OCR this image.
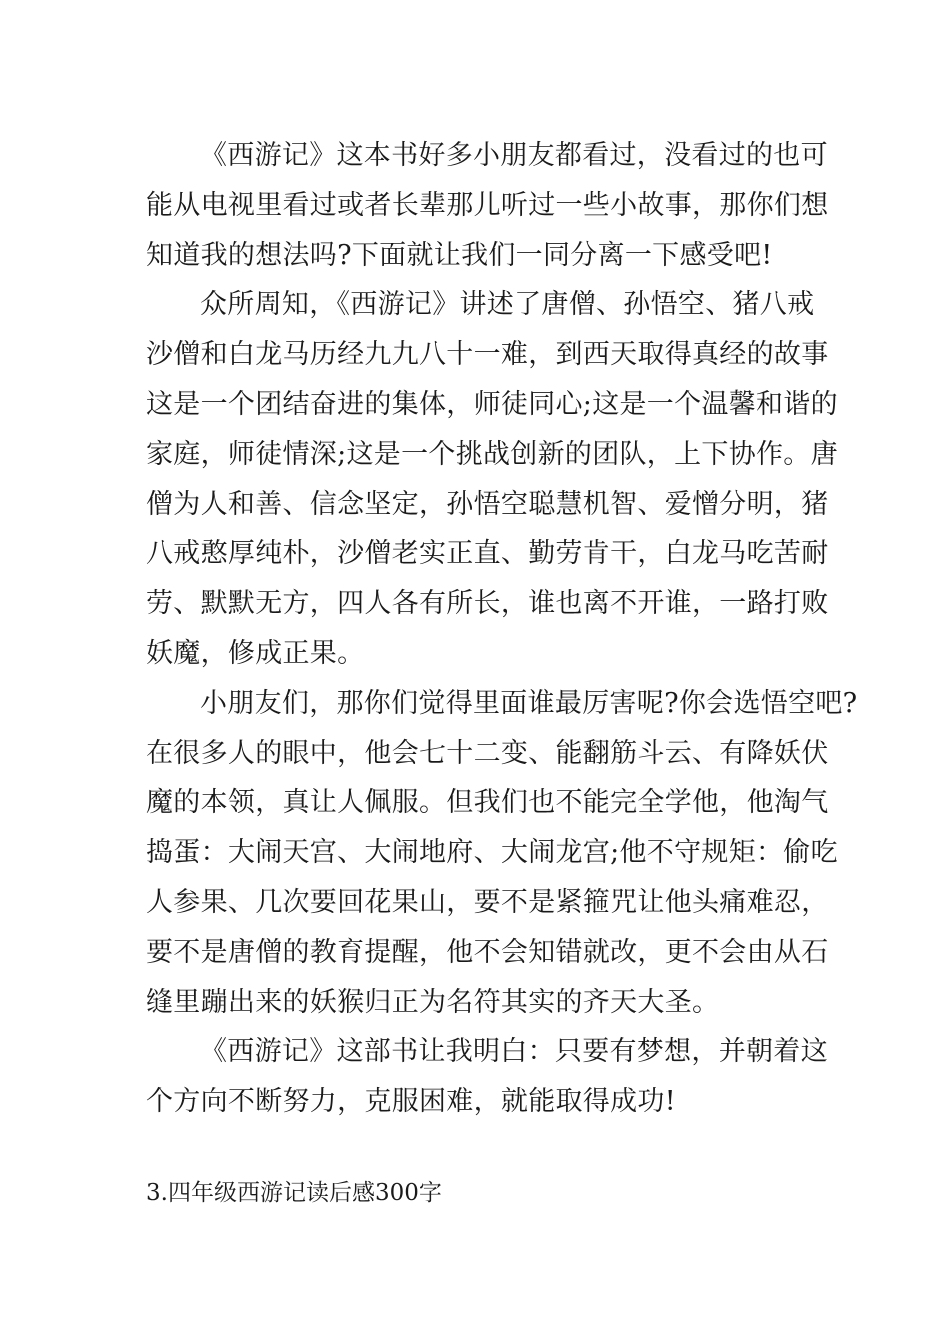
《西游记》这本书好多小朋友都看过，没看过的也可
能从电视里看过或者长辈那儿听过一些小故事，那你们想
知道我的想法吗?下面就让我们一同分离一下感受吧!

众所周知，《西游记》讲述了唐僧、孙悟空、猪八戒
沙僧和白龙马历经九九八十一难，到西天取得真经的故事
这是一个团结奋进的集体，师徒同心;这是一个温馨和谐的
家庭，师徒情深;这是一个挑战创新的团队，上下协作。唐
僧为人和善、信念坚定，孙悟空聪慧机智、爱憎分明，猪
八戒憨厚纯朴，沙僧老实正直、勤劳肯干，白龙马吃苦耐
劳、默默无方，四人各有所长，谁也离不开谁，一路打败
妖魔，修成正果。

小朋友们，那你们觉得里面谁最厉害呢?你会选悟空吧?
在很多人的眼中，他会七十二变、能翻筋斗云、有降妖伏
魔的本领，真让人佩服。但我们也不能完全学他，他淘气
捣蛋：大闹天宫、大闹地府、大闹龙宫;他不守规矩：偷吃
人参果、几次要回花果山，要不是紧箍咒让他头痛难忍，
要不是唐僧的教育提醒，他不会知错就改，更不会由从石
缝里蹦出来的妖猴归正为名符其实的齐天大圣。

《西游记》这部书让我明白：只要有梦想，并朝着这
个方向不断努力，克服困难，就能取得成功!

3.四年级西游记读后感300字
